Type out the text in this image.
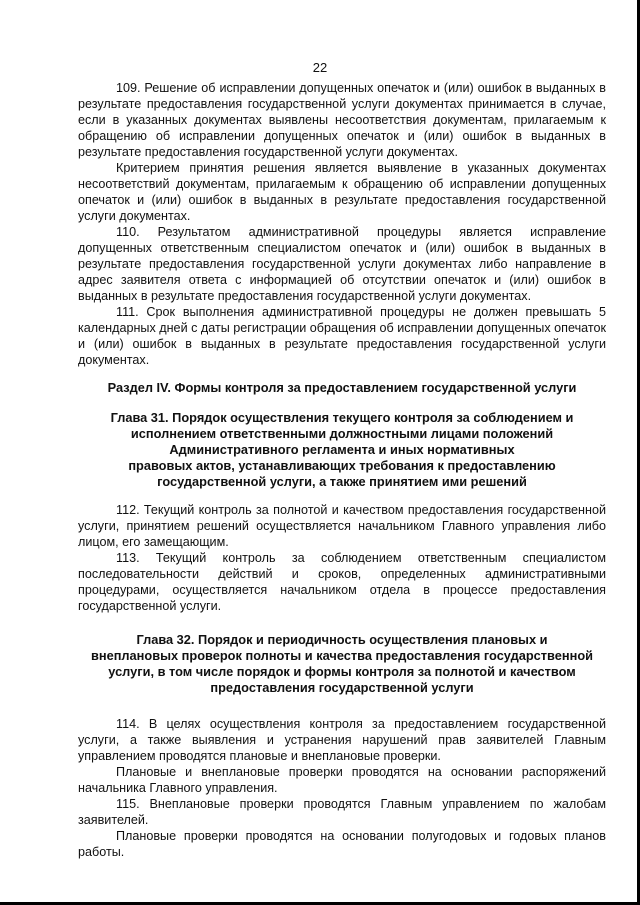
22

109. Решение об исправлении допущенных опечаток и (или) ошибок в выданных в результате предоставления государственной услуги документах принимается в случае, если в указанных документах выявлены несоответствия документам, прилагаемым к обращению об исправлении допущенных опечаток и (или) ошибок в выданных в результате предоставления государственной услуги документах.

Критерием принятия решения является выявление в указанных документах несоответствий документам, прилагаемым к обращению об исправлении допущенных опечаток и (или) ошибок в выданных в результате предоставления государственной услуги документах.

110. Результатом административной процедуры является исправление допущенных ответственным специалистом опечаток и (или) ошибок в выданных в результате предоставления государственной услуги документах либо направление в адрес заявителя ответа с информацией об отсутствии опечаток и (или) ошибок в выданных в результате предоставления государственной услуги документах.

111. Срок выполнения административной процедуры не должен превышать 5 календарных дней с даты регистрации обращения об исправлении допущенных опечаток и (или) ошибок в выданных в результате предоставления государственной услуги документах.

Раздел IV. Формы контроля за предоставлением государственной услуги
Глава 31. Порядок осуществления текущего контроля за соблюдением и
исполнением ответственными должностными лицами положений
Административного регламента и иных нормативных
правовых актов, устанавливающих требования к предоставлению
государственной услуги, а также принятием ими решений

112. Текущий контроль за полнотой и качеством предоставления государственной услуги, принятием решений осуществляется начальником Главного управления либо лицом, его замещающим.

113. Текущий контроль за соблюдением ответственным специалистом последовательности действий и сроков, определенных административными процедурами, осуществляется начальником отдела в процессе предоставления государственной услуги.

Глава 32. Порядок и периодичность осуществления плановых и
внеплановых проверок полноты и качества предоставления государственной
услуги, в том числе порядок и формы контроля за полнотой и качеством
предоставления государственной услуги

114. В целях осуществления контроля за предоставлением государственной услуги, а также выявления и устранения нарушений прав заявителей Главным управлением проводятся плановые и внеплановые проверки.

Плановые и внеплановые проверки проводятся на основании распоряжений начальника Главного управления.

115. Внеплановые проверки проводятся Главным управлением по жалобам заявителей.

Плановые проверки проводятся на основании полугодовых и годовых планов работы.
